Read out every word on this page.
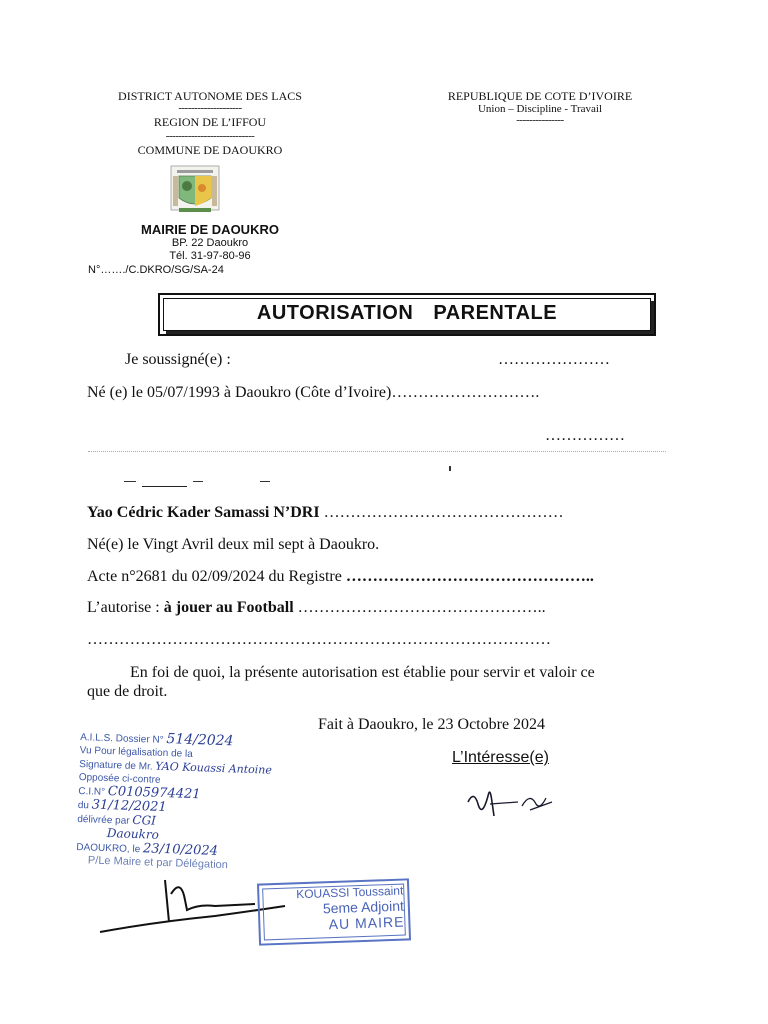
DISTRICT AUTONOME DES LACS
--------------------
REGION DE L’IFFOU
----------------------------
COMMUNE DE DAOUKRO
MAIRIE DE DAOUKRO
BP. 22 Daoukro
Tél. 31-97-80-96
N°……./C.DKRO/SG/SA-24
REPUBLIQUE DE COTE D’IVOIRE
Union – Discipline - Travail
---------------
AUTORISATION PARENTALE
Je soussigné(e) :	…………………
Né (e) le 05/07/1993 à Daoukro (Côte d’Ivoire)……………………….
……………
Yao Cédric Kader Samassi N’DRI ………………………………………
Né(e) le Vingt Avril deux mil sept à Daoukro.
Acte n°2681 du 02/09/2024 du Registre ………………………………………..
L’autorise : à jouer au Football ………………………………………..
……………………………………………………………………………
En foi de quoi, la présente autorisation est établie pour servir et valoir ce
que de droit.
Fait à Daoukro, le 23 Octobre 2024
L’Intéresse(e)
A.I.L.S. Dossier N° 514/2024
Vu Pour légalisation de la
Signature de Mr. YAO Kouassi Antoine
Opposée ci-contre
C.I.N° C0105974421
du 31/12/2021
délivrée par CGI
Daoukro
DAOUKRO, le 23/10/2024
P/Le Maire et par Délégation
KOUASSI Toussaint
5eme Adjoint
AU MAIRE
